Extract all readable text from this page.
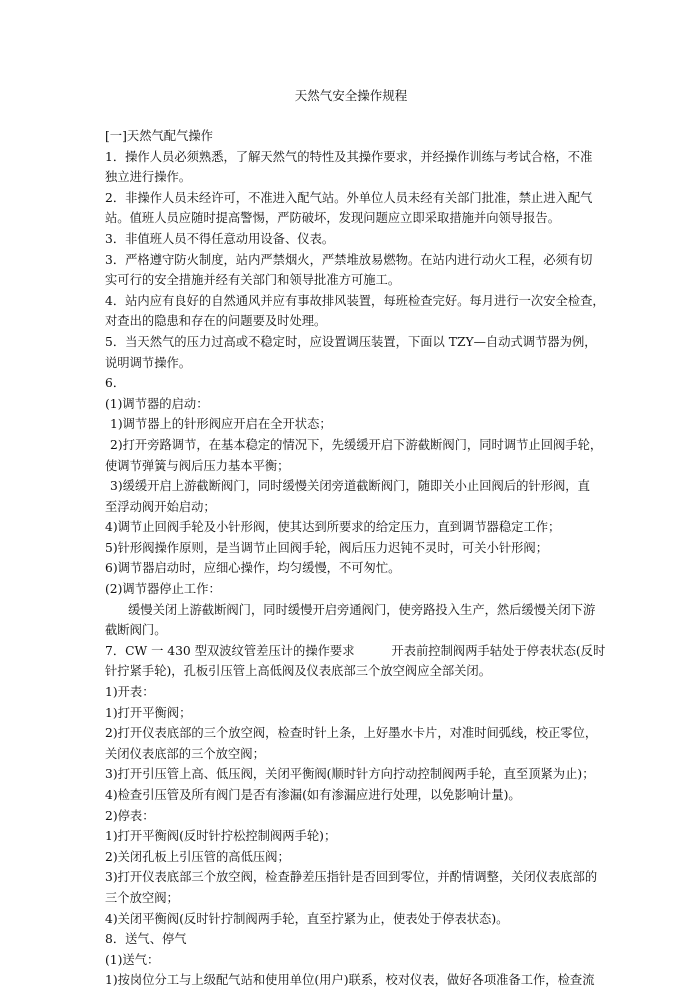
天然气安全操作规程
[一]天然气配气操作
1．操作人员必须熟悉，了解天然气的特性及其操作要求，并经操作训练与考试合格，不准
独立进行操作。
2．非操作人员未经许可，不准进入配气站。外单位人员未经有关部门批准，禁止进入配气
站。值班人员应随时提高警惕，严防破坏，发现问题应立即采取措施并向领导报告。
3．非值班人员不得任意动用设备、仪表。
3．严格遵守防火制度，站内严禁烟火，严禁堆放易燃物。在站内进行动火工程，必须有切
实可行的安全措施并经有关部门和领导批准方可施工。
4．站内应有良好的自然通风并应有事故排风装置，每班检查完好。每月进行一次安全检查，
对查出的隐患和存在的问题要及时处理。
5．当天然气的压力过高或不稳定时，应设置调压装置，下面以 TZY—自动式调节器为例，
说明调节操作。
6．
(1)调节器的启动：
1)调节器上的针形阀应开启在全开状态；
2)打开旁路调节，在基本稳定的情况下，先缓缓开启下游截断阀门，同时调节止回阀手轮，
使调节弹簧与阀后压力基本平衡；
3)缓缓开启上游截断阀门，同时缓慢关闭旁道截断阀门，随即关小止回阀后的针形阀，直
至浮动阀开始启动；
4)调节止回阀手轮及小针形阀，使其达到所要求的给定压力，直到调节器稳定工作；
5)针形阀操作原则，是当调节止回阀手轮，阀后压力迟钝不灵时，可关小针形阀；
6)调节器启动时，应细心操作，均匀缓慢，不可匆忙。
(2)调节器停止工作：
缓慢关闭上游截断阀门，同时缓慢开启旁通阀门，使旁路投入生产，然后缓慢关闭下游
截断阀门。
7．CW 一 430 型双波纹管差压计的操作要求　　　开表前控制阀两手轱处于停表状态(反时
针拧紧手轮)，孔板引压管上高低阀及仪表底部三个放空阀应全部关闭。
1)开表：
1)打开平衡阀；
2)打开仪表底部的三个放空阀，检查时针上条，上好墨水卡片，对准时间弧线，校正零位，
关闭仪表底部的三个放空阀；
3)打开引压管上高、低压阀，关闭平衡阀(顺时针方向拧动控制阀两手轮，直至顶紧为止)；
4)检查引压管及所有阀门是否有渗漏(如有渗漏应进行处理，以免影响计量)。
2)停表：
1)打开平衡阀(反时针拧松控制阀两手轮)；
2)关闭孔板上引压管的高低压阀；
3)打开仪表底部三个放空阀，检查静差压指针是否回到零位，并酌情调整，关闭仪表底部的
三个放空阀；
4)关闭平衡阀(反时针拧制阀两手轮，直至拧紧为止，使表处于停表状态)。
8．送气、停气
(1)送气：
1)按岗位分工与上级配气站和使用单位(用户)联系，校对仪表，做好各项准备工作，检查流
